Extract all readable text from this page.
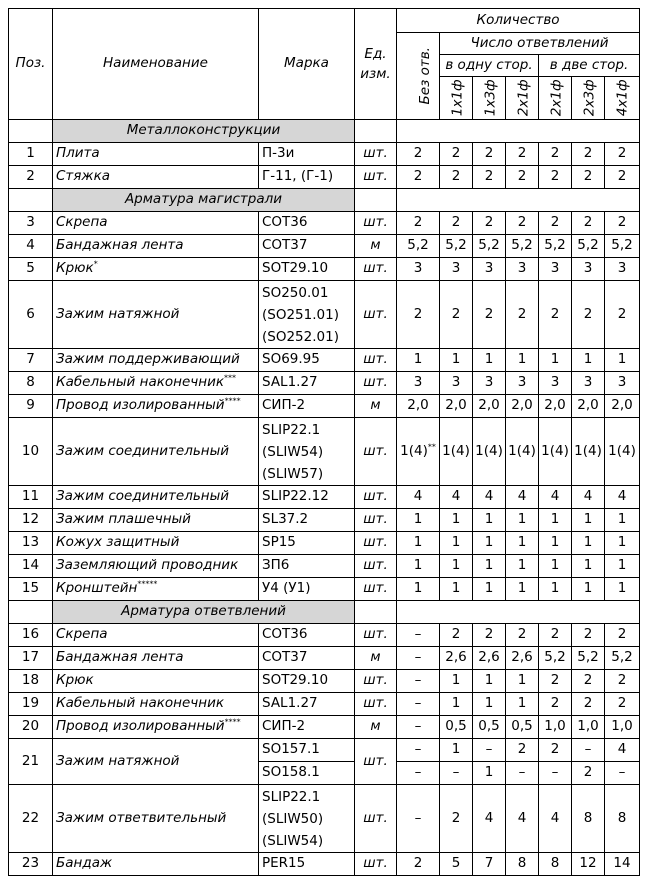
Поз.	Наименование	Марка	Ед. изм.	Количество						
				Без отв.	Число ответвлений					
					в одну стор.			в две стор.		
					1х1ф	1х3ф	2х1ф	2х1ф	2х3ф	4х1ф
	Металлоконструкции									
1	Плита	П-3и	шт.	2	2	2	2	2	2	2
2	Стяжка	Г-11, (Г-1)	шт.	2	2	2	2	2	2	2
	Арматура магистрали									
3	Скрепа	COT36	шт.	2	2	2	2	2	2	2
4	Бандажная лента	COT37	м	5,2	5,2	5,2	5,2	5,2	5,2	5,2
5	Крюк*	SOT29.10	шт.	3	3	3	3	3	3	3
6	Зажим натяжной	SO250.01
(SO251.01)
(SO252.01)	шт.	2	2	2	2	2	2	2
7	Зажим поддерживающий	SO69.95	шт.	1	1	1	1	1	1	1
8	Кабельный наконечник***	SAL1.27	шт.	3	3	3	3	3	3	3
9	Провод изолированный****	СИП-2	м	2,0	2,0	2,0	2,0	2,0	2,0	2,0
10	Зажим соединительный	SLIP22.1
(SLIW54)
(SLIW57)	шт.	1(4)**	1(4)	1(4)	1(4)	1(4)	1(4)	1(4)
11	Зажим соединительный	SLIP22.12	шт.	4	4	4	4	4	4	4
12	Зажим плашечный	SL37.2	шт.	1	1	1	1	1	1	1
13	Кожух защитный	SP15	шт.	1	1	1	1	1	1	1
14	Заземляющий проводник	ЗП6	шт.	1	1	1	1	1	1	1
15	Кронштейн*****	У4 (У1)	шт.	1	1	1	1	1	1	1
	Арматура ответвлений									
16	Скрепа	COT36	шт.	–	2	2	2	2	2	2
17	Бандажная лента	COT37	м	–	2,6	2,6	2,6	5,2	5,2	5,2
18	Крюк	SOT29.10	шт.	–	1	1	1	2	2	2
19	Кабельный наконечник	SAL1.27	шт.	–	1	1	1	2	2	2
20	Провод изолированный****	СИП-2	м	–	0,5	0,5	0,5	1,0	1,0	1,0
21	Зажим натяжной	SO157.1	шт.	–	1	–	2	2	–	4
		SO158.1		–	–	1	–	–	2	–
22	Зажим ответвительный	SLIP22.1
(SLIW50)
(SLIW54)	шт.	–	2	4	4	4	8	8
23	Бандаж	PER15	шт.	2	5	7	8	8	12	14
